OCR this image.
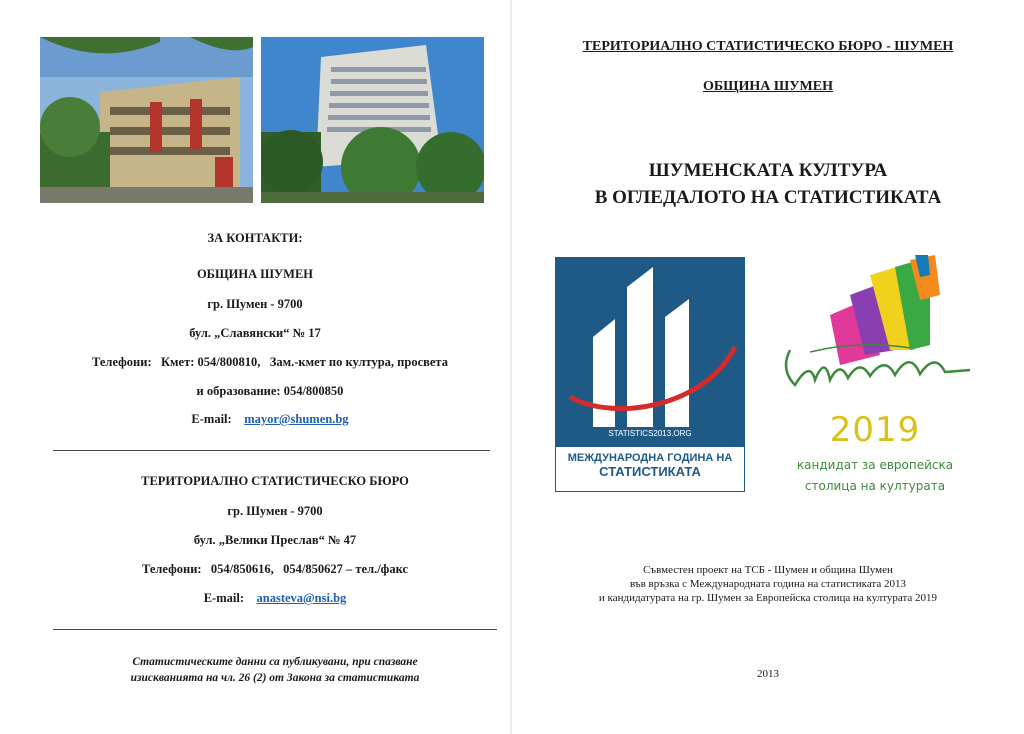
ЗА КОНТАКТИ:
ОБЩИНА ШУМЕН
гр. Шумен - 9700
бул. „Славянски“ № 17
Телефони:   Кмет: 054/800810,   Зам.-кмет по култура, просвета
и образование: 054/800850
E-mail: mayor@shumen.bg
ТЕРИТОРИАЛНО СТАТИСТИЧЕСКО БЮРО
гр. Шумен - 9700
бул. „Велики Преслав“ № 47
Телефони:   054/850616,   054/850627 – тел./факс
E-mail: anasteva@nsi.bg
Статистическите данни са публикувани, при спазване
изискванията на чл. 26 (2) от Закона за статистиката
ТЕРИТОРИАЛНО СТАТИСТИЧЕСКО БЮРО - ШУМЕН
ОБЩИНА ШУМЕН
ШУМЕНСКАТА КУЛТУРА
В ОГЛЕДАЛОТО НА СТАТИСТИКАТА
Съвместен проект на ТСБ - Шумен и община Шумен
във връзка с Международната година на статистиката 2013
и кандидатурата на гр. Шумен за Европейска столица на културата 2019
2013
STATISTICS2013.ORG
МЕЖДУНАРОДНА ГОДИНА НА
СТАТИСТИКАТА
2019
кандидат за европейска
столица на културата
